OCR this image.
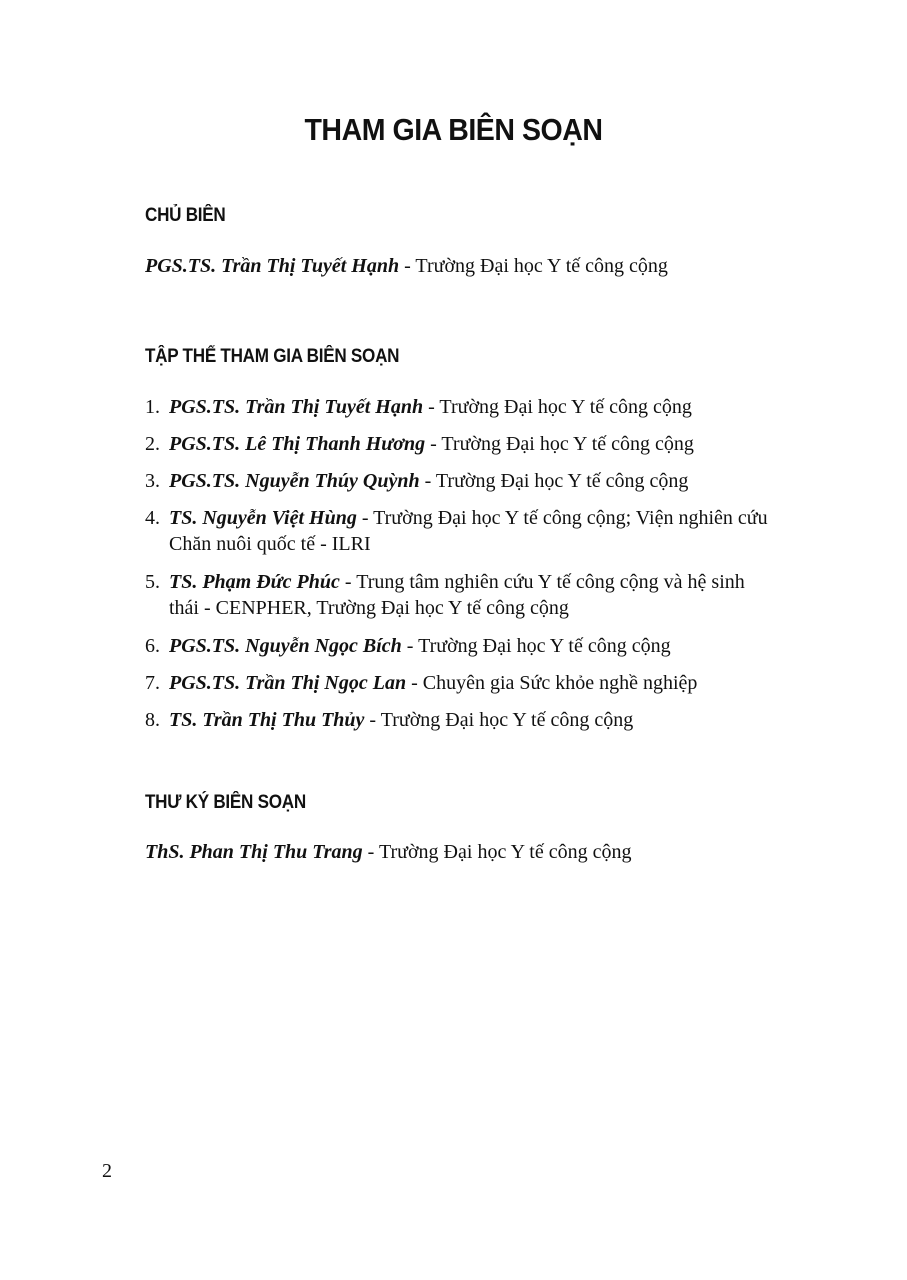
THAM GIA BIÊN SOẠN
CHỦ BIÊN
PGS.TS. Trần Thị Tuyết Hạnh - Trường Đại học Y tế công cộng
TẬP THỂ THAM GIA BIÊN SOẠN
1. PGS.TS. Trần Thị Tuyết Hạnh - Trường Đại học Y tế công cộng
2. PGS.TS. Lê Thị Thanh Hương - Trường Đại học Y tế công cộng
3. PGS.TS. Nguyễn Thúy Quỳnh - Trường Đại học Y tế công cộng
4. TS. Nguyễn Việt Hùng - Trường Đại học Y tế công cộng; Viện nghiên cứu
Chăn nuôi quốc tế - ILRI
5. TS. Phạm Đức Phúc - Trung tâm nghiên cứu Y tế công cộng và hệ sinh
thái - CENPHER, Trường Đại học Y tế công cộng
6. PGS.TS. Nguyễn Ngọc Bích - Trường Đại học Y tế công cộng
7. PGS.TS. Trần Thị Ngọc Lan - Chuyên gia Sức khỏe nghề nghiệp
8. TS. Trần Thị Thu Thủy - Trường Đại học Y tế công cộng
THƯ KÝ BIÊN SOẠN
ThS. Phan Thị Thu Trang - Trường Đại học Y tế công cộng
2
